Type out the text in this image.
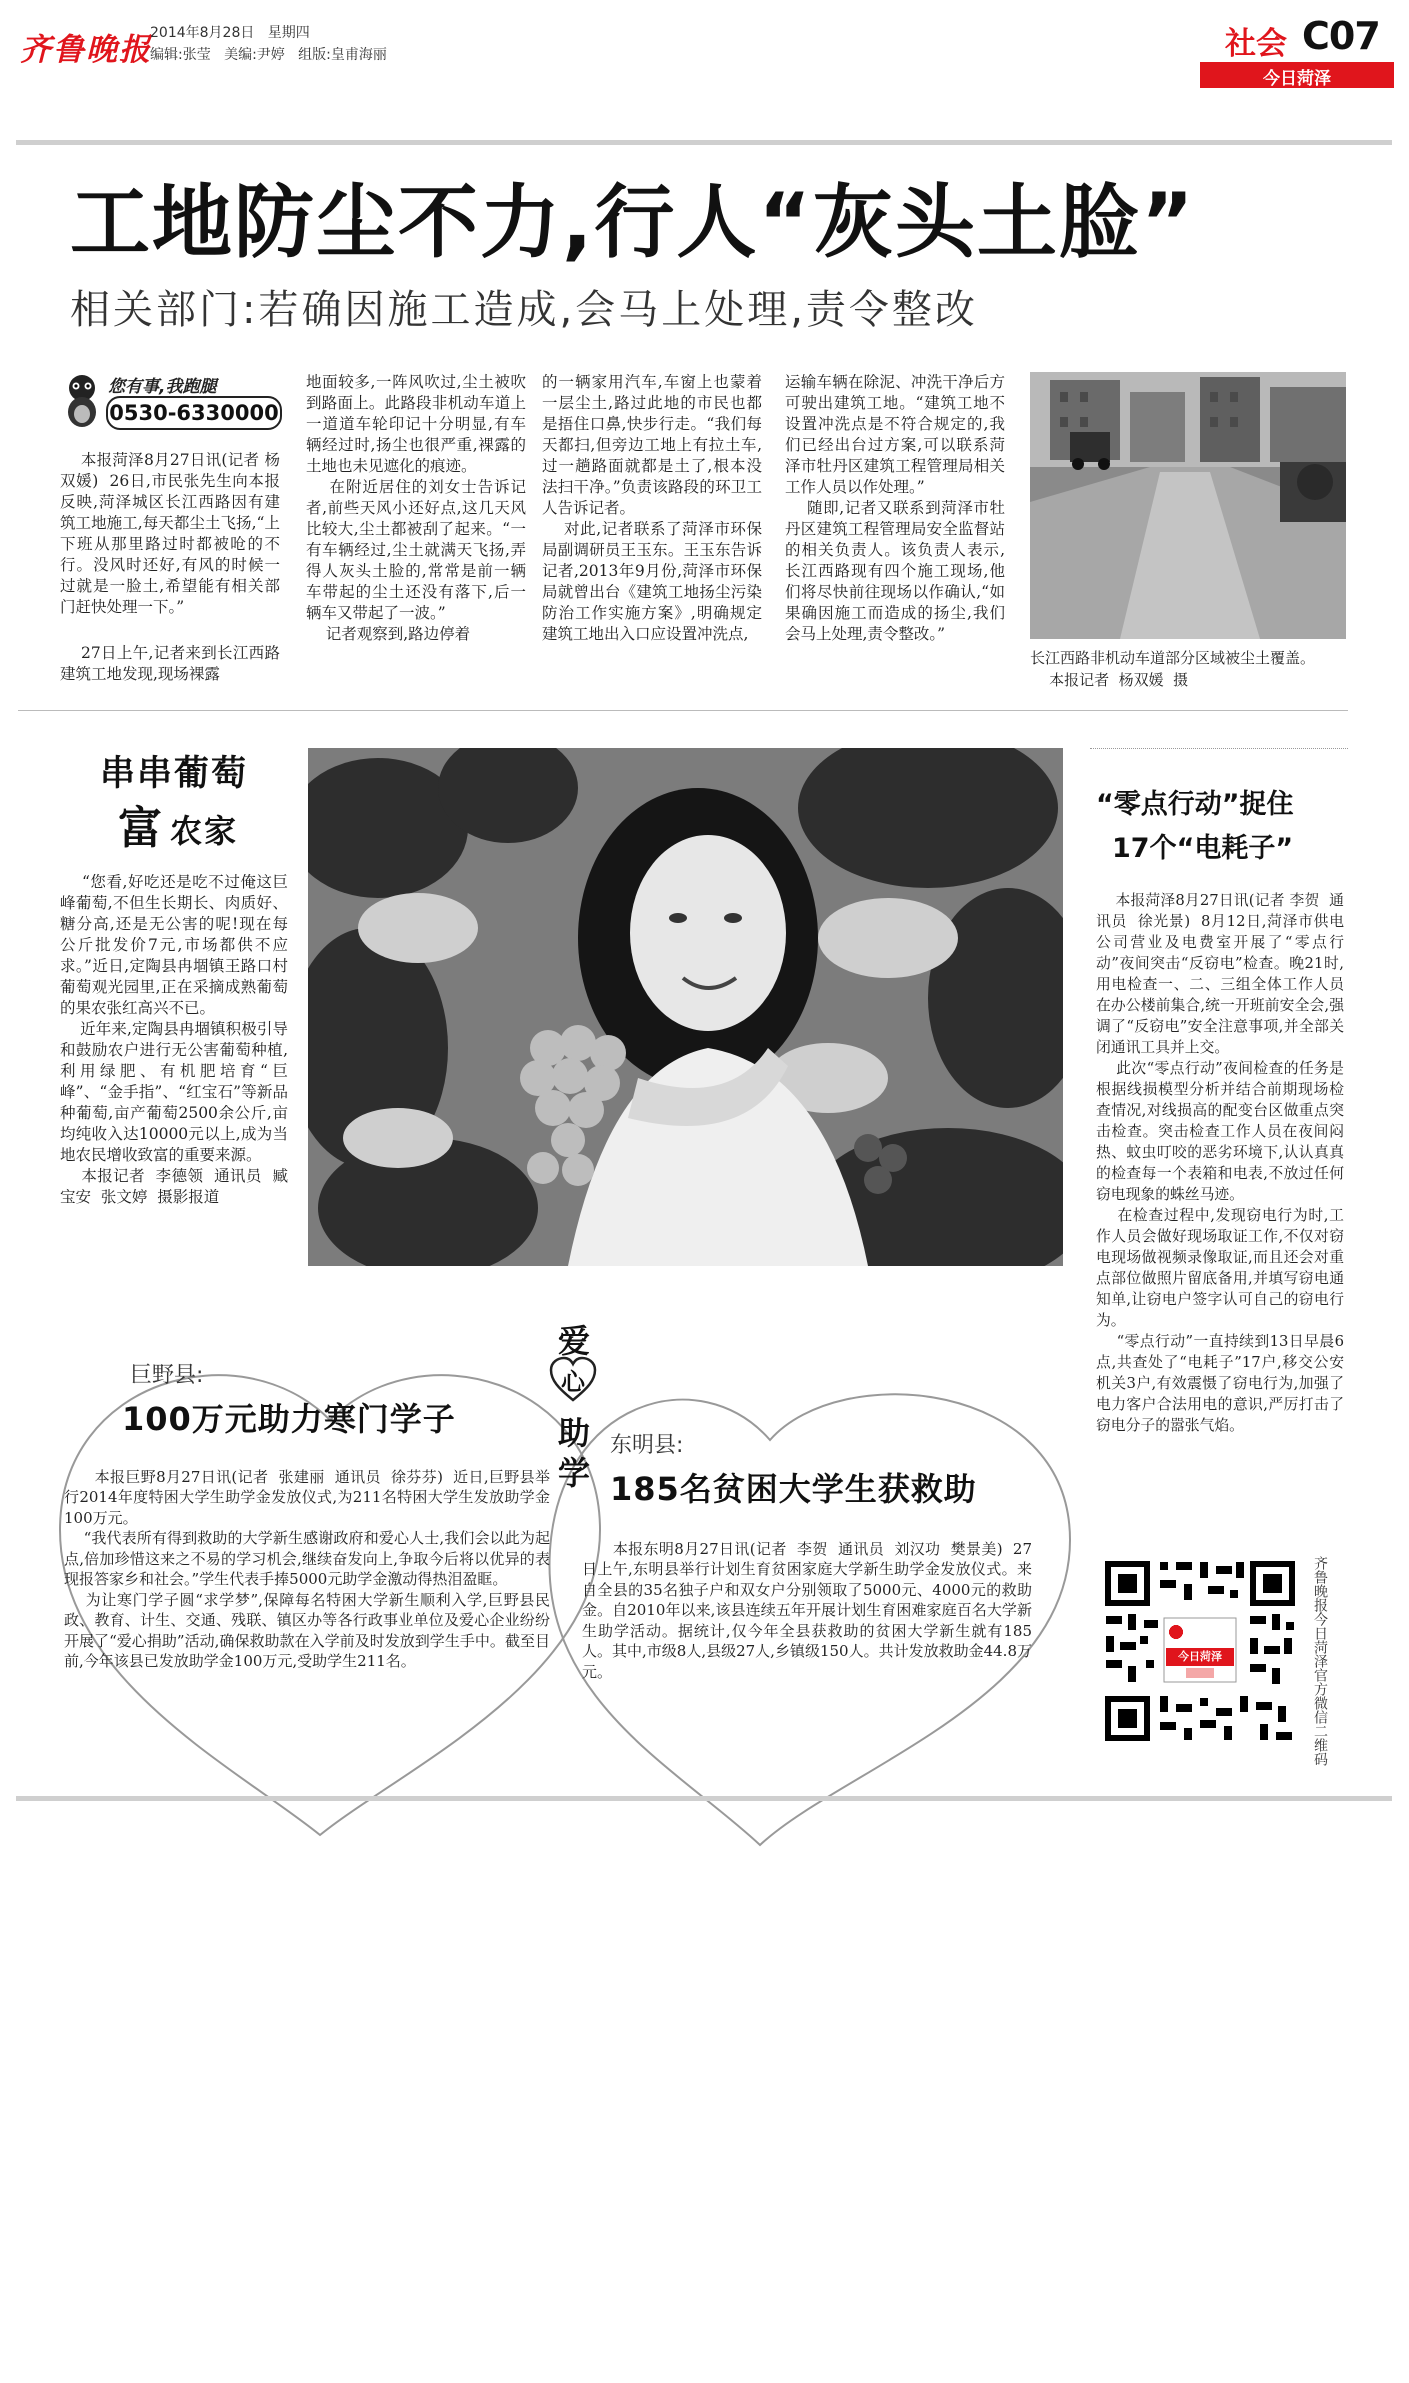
齐鲁晚报
2014年8月28日   星期四
编辑:张莹   美编:尹婷   组版:皇甫海丽	社会 C07
今日菏泽
工地防尘不力,行人“灰头土脸”
相关部门:若确因施工造成,会马上处理,责令整改
您有事,我跑腿
0530-6330000
本报菏泽8月27日讯(记者 杨双媛)  26日,市民张先生向本报反映,菏泽城区长江西路因有建筑工地施工,每天都尘土飞扬,“上下班从那里路过时都被呛的不行。没风时还好,有风的时候一过就是一脸土,希望能有相关部门赶快处理一下。”
27日上午,记者来到长江西路建筑工地发现,现场裸露
地面较多,一阵风吹过,尘土被吹到路面上。此路段非机动车道上一道道车轮印记十分明显,有车辆经过时,扬尘也很严重,裸露的土地也未见遮化的痕迹。
在附近居住的刘女士告诉记者,前些天风小还好点,这几天风比较大,尘土都被刮了起来。“一有车辆经过,尘土就满天飞扬,弄得人灰头土脸的,常常是前一辆车带起的尘土还没有落下,后一辆车又带起了一波。”
记者观察到,路边停着
的一辆家用汽车,车窗上也蒙着一层尘土,路过此地的市民也都是捂住口鼻,快步行走。“我们每天都扫,但旁边工地上有拉土车,过一趟路面就都是土了,根本没法扫干净。”负责该路段的环卫工人告诉记者。
对此,记者联系了菏泽市环保局副调研员王玉东。王玉东告诉记者,2013年9月份,菏泽市环保局就曾出台《建筑工地扬尘污染防治工作实施方案》,明确规定建筑工地出入口应设置冲洗点,
运输车辆在除泥、冲洗干净后方可驶出建筑工地。“建筑工地不设置冲洗点是不符合规定的,我们已经出台过方案,可以联系菏泽市牡丹区建筑工程管理局相关工作人员以作处理。”
随即,记者又联系到菏泽市牡丹区建筑工程管理局安全监督站的相关负责人。该负责人表示,长江西路现有四个施工现场,他们将尽快前往现场以作确认,“如果确因施工而造成的扬尘,我们会马上处理,责令整改。”
长江西路非机动车道部分区域被尘土覆盖。
本报记者  杨双媛  摄
串串葡萄
富 农家
“您看,好吃还是吃不过俺这巨峰葡萄,不但生长期长、肉质好、糖分高,还是无公害的呢!现在每公斤批发价7元,市场都供不应求。”近日,定陶县冉堌镇王路口村葡萄观光园里,正在采摘成熟葡萄的果农张红高兴不已。
近年来,定陶县冉堌镇积极引导和鼓励农户进行无公害葡萄种植,利用绿肥、有机肥培育“巨峰”、“金手指”、“红宝石”等新品种葡萄,亩产葡萄2500余公斤,亩均纯收入达10000元以上,成为当地农民增收致富的重要来源。
本报记者  李德领  通讯员  臧宝安  张文婷  摄影报道
“零点行动”捉住
17个“电耗子”
本报菏泽8月27日讯(记者 李贺  通讯员  徐光景)  8月12日,菏泽市供电公司营业及电费室开展了“零点行动”夜间突击“反窃电”检查。晚21时,用电检查一、二、三组全体工作人员在办公楼前集合,统一开班前安全会,强调了“反窃电”安全注意事项,并全部关闭通讯工具并上交。
此次“零点行动”夜间检查的任务是根据线损模型分析并结合前期现场检查情况,对线损高的配变台区做重点突击检查。突击检查工作人员在夜间闷热、蚊虫叮咬的恶劣环境下,认认真真的检查每一个表箱和电表,不放过任何窃电现象的蛛丝马迹。
在检查过程中,发现窃电行为时,工作人员会做好现场取证工作,不仅对窃电现场做视频录像取证,而且还会对重点部位做照片留底备用,并填写窃电通知单,让窃电户签字认可自己的窃电行为。
“零点行动”一直持续到13日早晨6点,共查处了“电耗子”17户,移交公安机关3户,有效震慑了窃电行为,加强了电力客户合法用电的意识,严厉打击了窃电分子的嚣张气焰。
爱
心
助
学
巨野县:
100万元助力寒门学子

本报巨野8月27日讯(记者  张建丽  通讯员  徐芬芬)  近日,巨野县举行2014年度特困大学生助学金发放仪式,为211名特困大学生发放助学金100万元。
“我代表所有得到救助的大学新生感谢政府和爱心人士,我们会以此为起点,倍加珍惜这来之不易的学习机会,继续奋发向上,争取今后将以优异的表现报答家乡和社会。”学生代表手捧5000元助学金激动得热泪盈眶。
为让寒门学子圆“求学梦”,保障每名特困大学新生顺利入学,巨野县民政、教育、计生、交通、残联、镇区办等各行政事业单位及爱心企业纷纷开展了“爱心捐助”活动,确保救助款在入学前及时发放到学生手中。截至目前,今年该县已发放助学金100万元,受助学生211名。

东明县:
185名贫困大学生获救助

本报东明8月27日讯(记者  李贺  通讯员  刘汉功  樊景美)  27日上午,东明县举行计划生育贫困家庭大学新生助学金发放仪式。来自全县的35名独子户和双女户分别领取了5000元、4000元的救助金。自2010年以来,该县连续五年开展计划生育困难家庭百名大学新生助学活动。据统计,仅今年全县获救助的贫困大学新生就有185人。其中,市级8人,县级27人,乡镇级150人。共计发放救助金44.8万元。

今日菏泽	齐鲁晚报今日菏泽官方微信二维码
